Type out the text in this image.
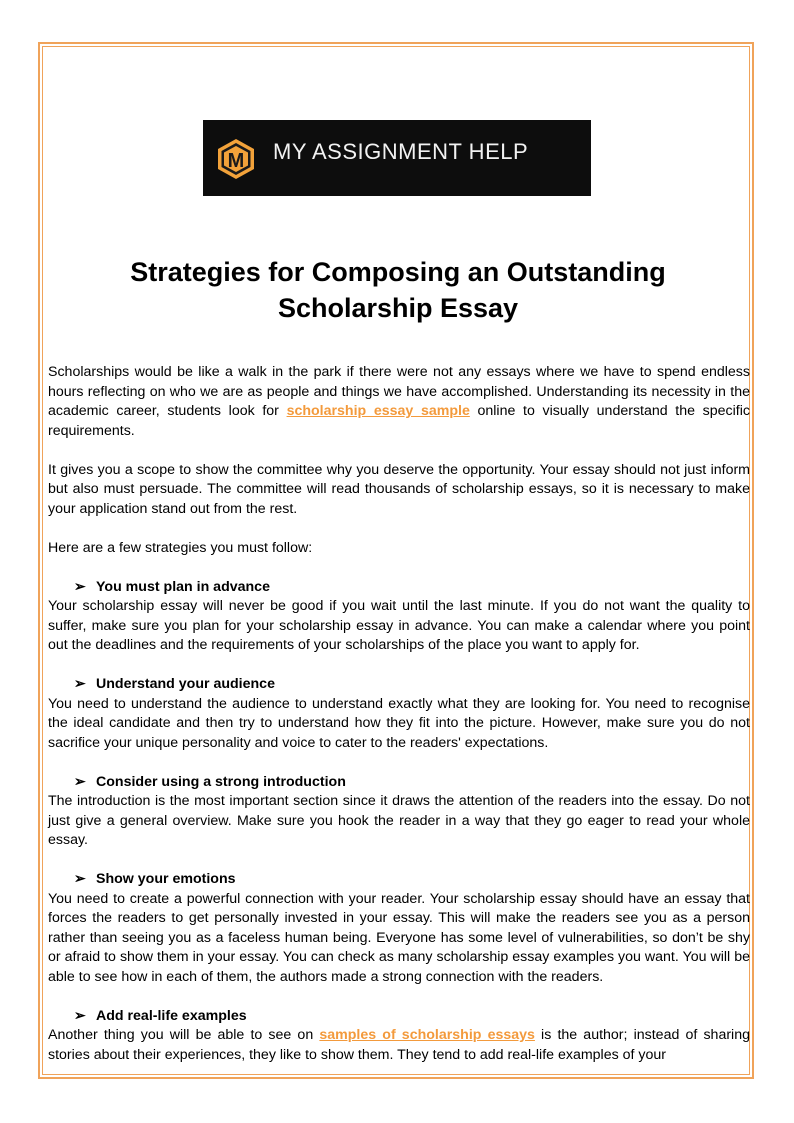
M MY ASSIGNMENT HELP
Strategies for Composing an Outstanding
Scholarship Essay

Scholarships would be like a walk in the park if there were not any essays where we have to spend endless hours reflecting on who we are as people and things we have accomplished. Understanding its necessity in the academic career, students look for scholarship essay sample online to visually understand the specific requirements.

It gives you a scope to show the committee why you deserve the opportunity. Your essay should not just inform but also must persuade. The committee will read thousands of scholarship essays, so it is necessary to make your application stand out from the rest.

Here are a few strategies you must follow:

➢ You must plan in advance

Your scholarship essay will never be good if you wait until the last minute. If you do not want the quality to suffer, make sure you plan for your scholarship essay in advance. You can make a calendar where you point out the deadlines and the requirements of your scholarships of the place you want to apply for.

➢ Understand your audience

You need to understand the audience to understand exactly what they are looking for. You need to recognise the ideal candidate and then try to understand how they fit into the picture. However, make sure you do not sacrifice your unique personality and voice to cater to the readers' expectations.

➢ Consider using a strong introduction

The introduction is the most important section since it draws the attention of the readers into the essay. Do not just give a general overview. Make sure you hook the reader in a way that they go eager to read your whole essay.

➢ Show your emotions

You need to create a powerful connection with your reader. Your scholarship essay should have an essay that forces the readers to get personally invested in your essay. This will make the readers see you as a person rather than seeing you as a faceless human being. Everyone has some level of vulnerabilities, so don’t be shy or afraid to show them in your essay. You can check as many scholarship essay examples you want. You will be able to see how in each of them, the authors made a strong connection with the readers.

➢ Add real-life examples

Another thing you will be able to see on samples of scholarship essays is the author; instead of sharing stories about their experiences, they like to show them. They tend to add real-life examples of your
